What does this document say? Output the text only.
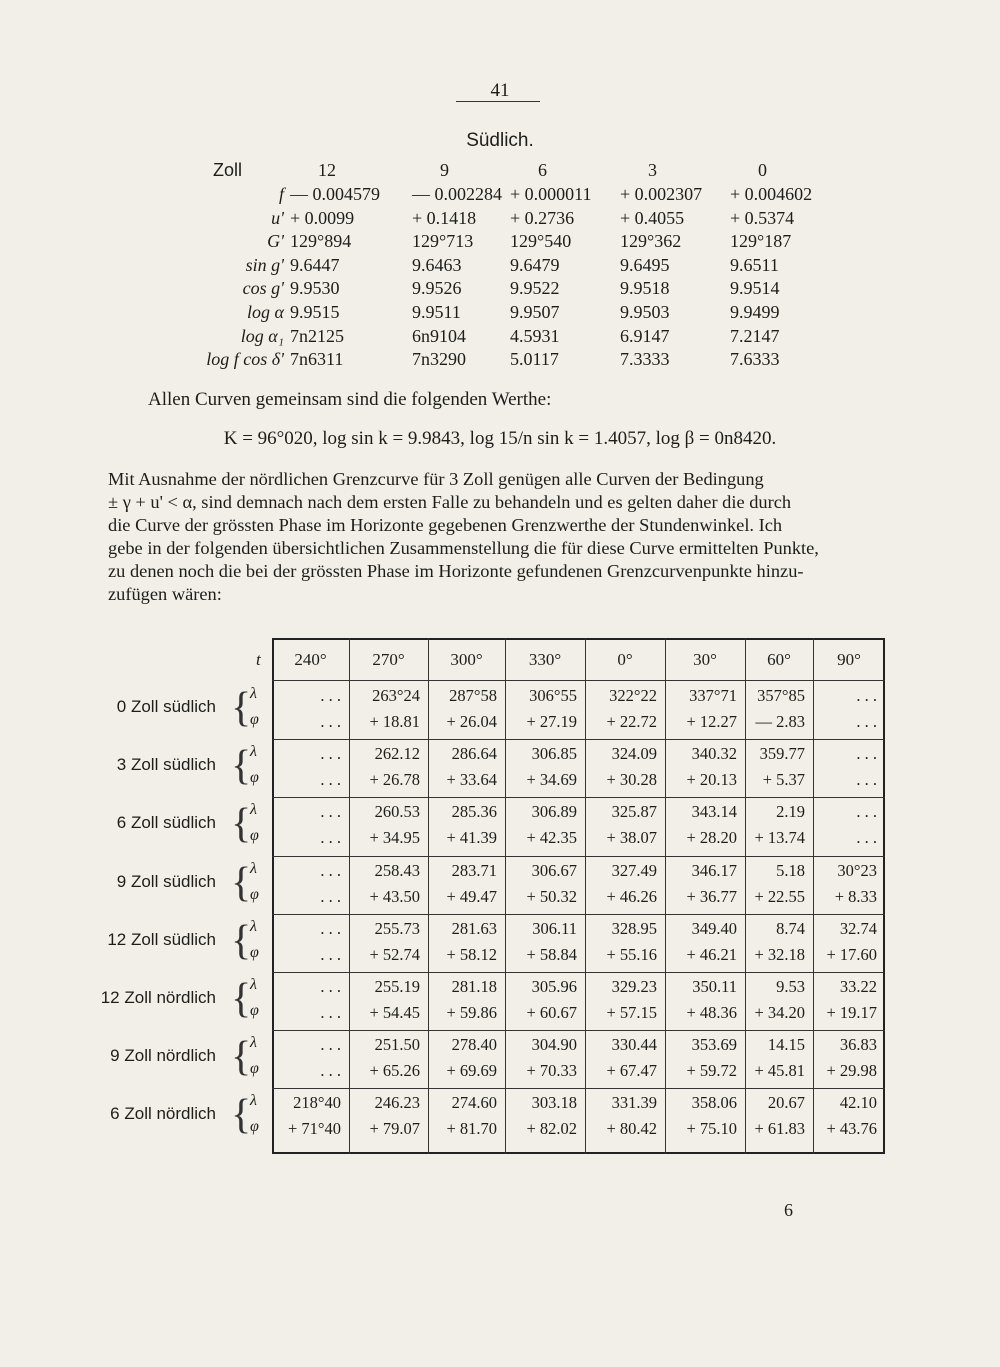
41
Südlich.
Zoll	12	9	6	3	0
f — 0.004579 — 0.002284 + 0.000011 + 0.002307 + 0.004602
u' + 0.0099	+ 0.1418 + 0.2736	+ 0.4055	+ 0.5374
G' 129°894	129°713 129°540	129°362	129°187
sin g' 9.6447	9.6463	9.6479	9.6495	9.6511
cos g' 9.9530	9.9526	9.9522	9.9518	9.9514
log α 9.9515	9.9511	9.9507	9.9503	9.9499
log α₁ 7n2125	6n9104 4.5931	6.9147	7.2147
log f cos δ' 7n6311	7n3290 5.0117	7.3333	7.6333
Allen Curven gemeinsam sind die folgenden Werthe:
K = 96°020, log sin k = 9.9843, log 15/n sin k = 1.4057, log β = 0n8420.
Mit Ausnahme der nördlichen Grenzcurve für 3 Zoll genügen alle Curven der Bedingung
± γ + u' < α, sind demnach nach dem ersten Falle zu behandeln und es gelten daher die durch
die Curve der grössten Phase im Horizonte gegebenen Grenzwerthe der Stundenwinkel. Ich
gebe in der folgenden übersichtlichen Zusammenstellung die für diese Curve ermittelten Punkte,
zu denen noch die bei der grössten Phase im Horizonte gefundenen Grenzcurvenpunkte hinzu-
zufügen wären:
t	240°	270°	300°	330°	0°	30°	60°	90°
0 Zoll südlich {
λ
φ
. . .	263°24	287°58	306°55	322°22	337°71	357°85	. . .
. . .	+ 18.81	+ 26.04	+ 27.19	+ 22.72	+ 12.27	— 2.83	. . .
3 Zoll südlich {
λ
φ
. . .	262.12	286.64	306.85	324.09	340.32	359.77	. . .
. . .	+ 26.78	+ 33.64	+ 34.69	+ 30.28	+ 20.13	+ 5.37	. . .
6 Zoll südlich {
λ
φ
. . .	260.53	285.36	306.89	325.87	343.14	2.19	. . .
. . .	+ 34.95	+ 41.39	+ 42.35	+ 38.07	+ 28.20	+ 13.74	. . .
9 Zoll südlich {
λ
φ
. . .	258.43	283.71	306.67	327.49	346.17	5.18	30°23
. . .	+ 43.50	+ 49.47	+ 50.32	+ 46.26	+ 36.77	+ 22.55	+ 8.33
12 Zoll südlich {
λ
φ
. . .	255.73	281.63	306.11	328.95	349.40	8.74	32.74
. . .	+ 52.74	+ 58.12	+ 58.84	+ 55.16	+ 46.21	+ 32.18	+ 17.60
12 Zoll nördlich {
λ
φ
. . .	255.19	281.18	305.96	329.23	350.11	9.53	33.22
. . .	+ 54.45	+ 59.86	+ 60.67	+ 57.15	+ 48.36	+ 34.20	+ 19.17
9 Zoll nördlich {
λ
φ
. . .	251.50	278.40	304.90	330.44	353.69	14.15	36.83
. . .	+ 65.26	+ 69.69	+ 70.33	+ 67.47	+ 59.72	+ 45.81	+ 29.98
6 Zoll nördlich {
λ
φ
218°40	246.23	274.60	303.18	331.39	358.06	20.67	42.10
+ 71°40	+ 79.07	+ 81.70	+ 82.02	+ 80.42	+ 75.10	+ 61.83	+ 43.76
6
